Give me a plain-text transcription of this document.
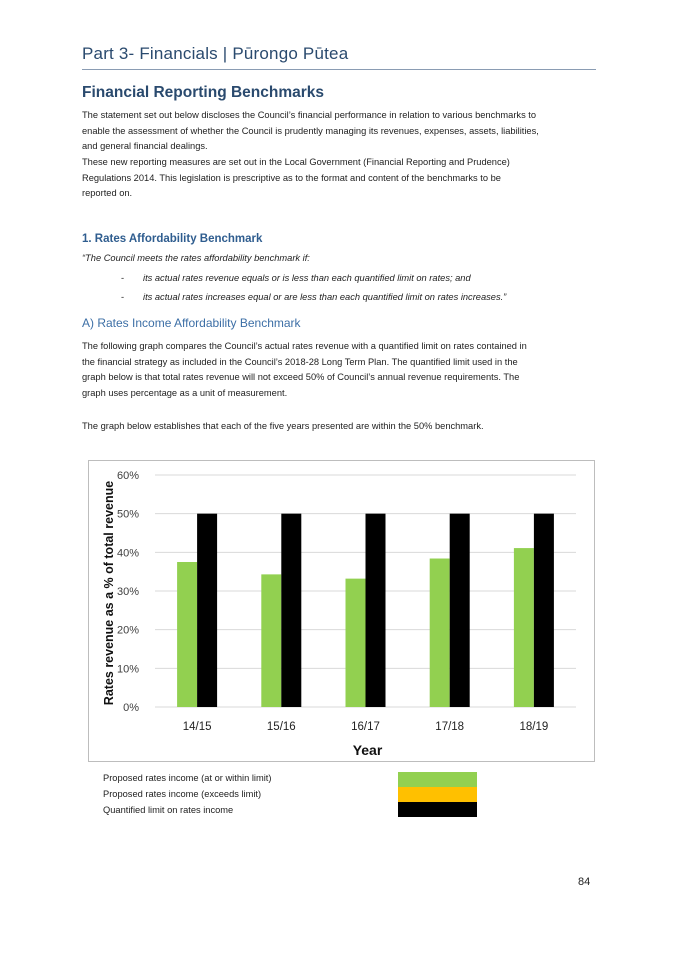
Part 3- Financials | Pūrongo Pūtea
Financial Reporting Benchmarks
The statement set out below discloses the Council’s financial performance in relation to various benchmarks to
enable the assessment of whether the Council is prudently managing its revenues, expenses, assets, liabilities,
and general financial dealings.
These new reporting measures are set out in the Local Government (Financial Reporting and Prudence)
Regulations 2014. This legislation is prescriptive as to the format and content of the benchmarks to be
reported on.
1. Rates Affordability Benchmark
“The Council meets the rates affordability benchmark if:
- its actual rates revenue equals or is less than each quantified limit on rates; and
- its actual rates increases equal or are less than each quantified limit on rates increases.”
A) Rates Income Affordability Benchmark
The following graph compares the Council’s actual rates revenue with a quantified limit on rates contained in
the financial strategy as included in the Council’s 2018-28 Long Term Plan. The quantified limit used in the
graph below is that total rates revenue will not exceed 50% of Council’s annual revenue requirements. The
graph uses percentage as a unit of measurement.
The graph below establishes that each of the five years presented are within the 50% benchmark.
0%
10%
20%
30%
40%
50%
60%
14/15	15/16	16/17	17/18	18/19
Year
Rates revenue as a % of total revenue
Proposed rates income (at or within limit)
Proposed rates income (exceeds limit)
Quantified limit on rates income
84
